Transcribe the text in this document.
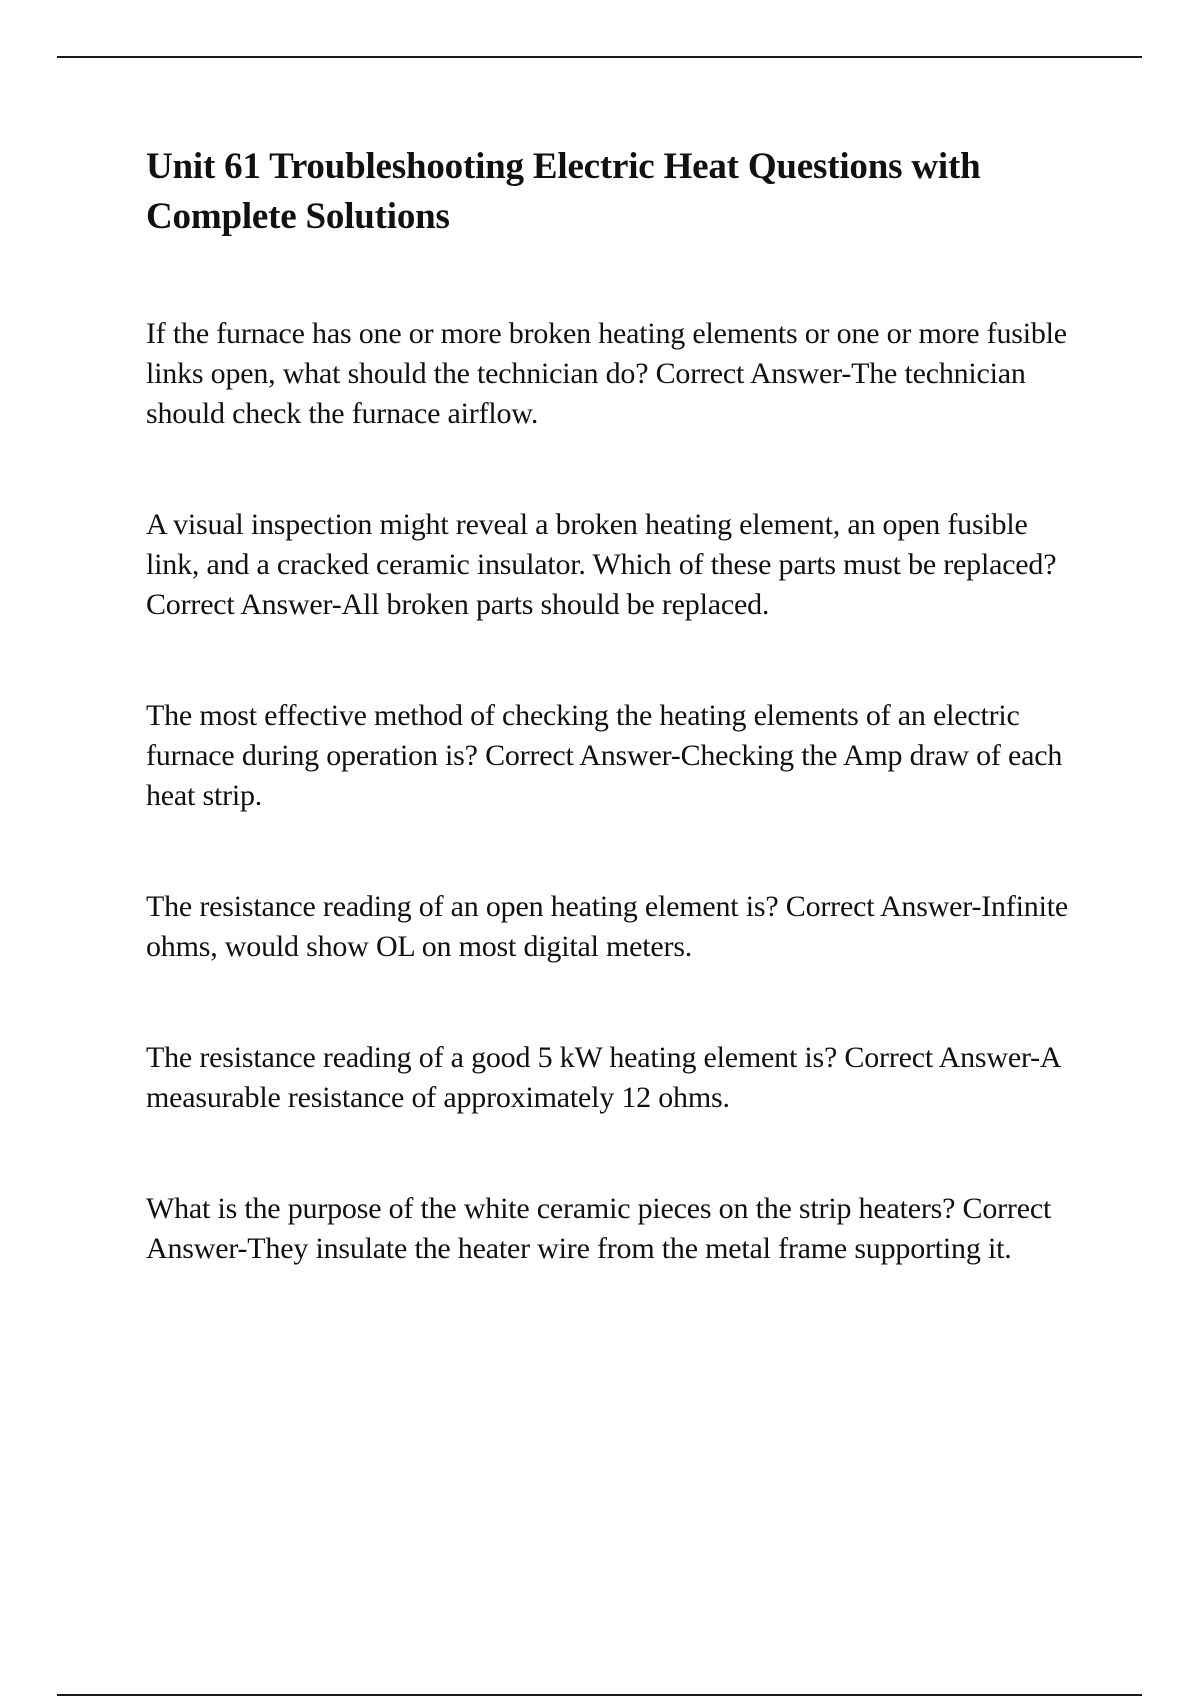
Unit 61 Troubleshooting Electric Heat Questions with Complete Solutions

If the furnace has one or more broken heating elements or one or more fusible links open, what should the technician do? Correct Answer-The technician should check the furnace airflow.

A visual inspection might reveal a broken heating element, an open fusible link, and a cracked ceramic insulator. Which of these parts must be replaced? Correct Answer-All broken parts should be replaced.

The most effective method of checking the heating elements of an electric furnace during operation is? Correct Answer-Checking the Amp draw of each heat strip.

The resistance reading of an open heating element is? Correct Answer-Infinite ohms, would show OL on most digital meters.

The resistance reading of a good 5 kW heating element is? Correct Answer-A measurable resistance of approximately 12 ohms.

What is the purpose of the white ceramic pieces on the strip heaters? Correct Answer-They insulate the heater wire from the metal frame supporting it.
